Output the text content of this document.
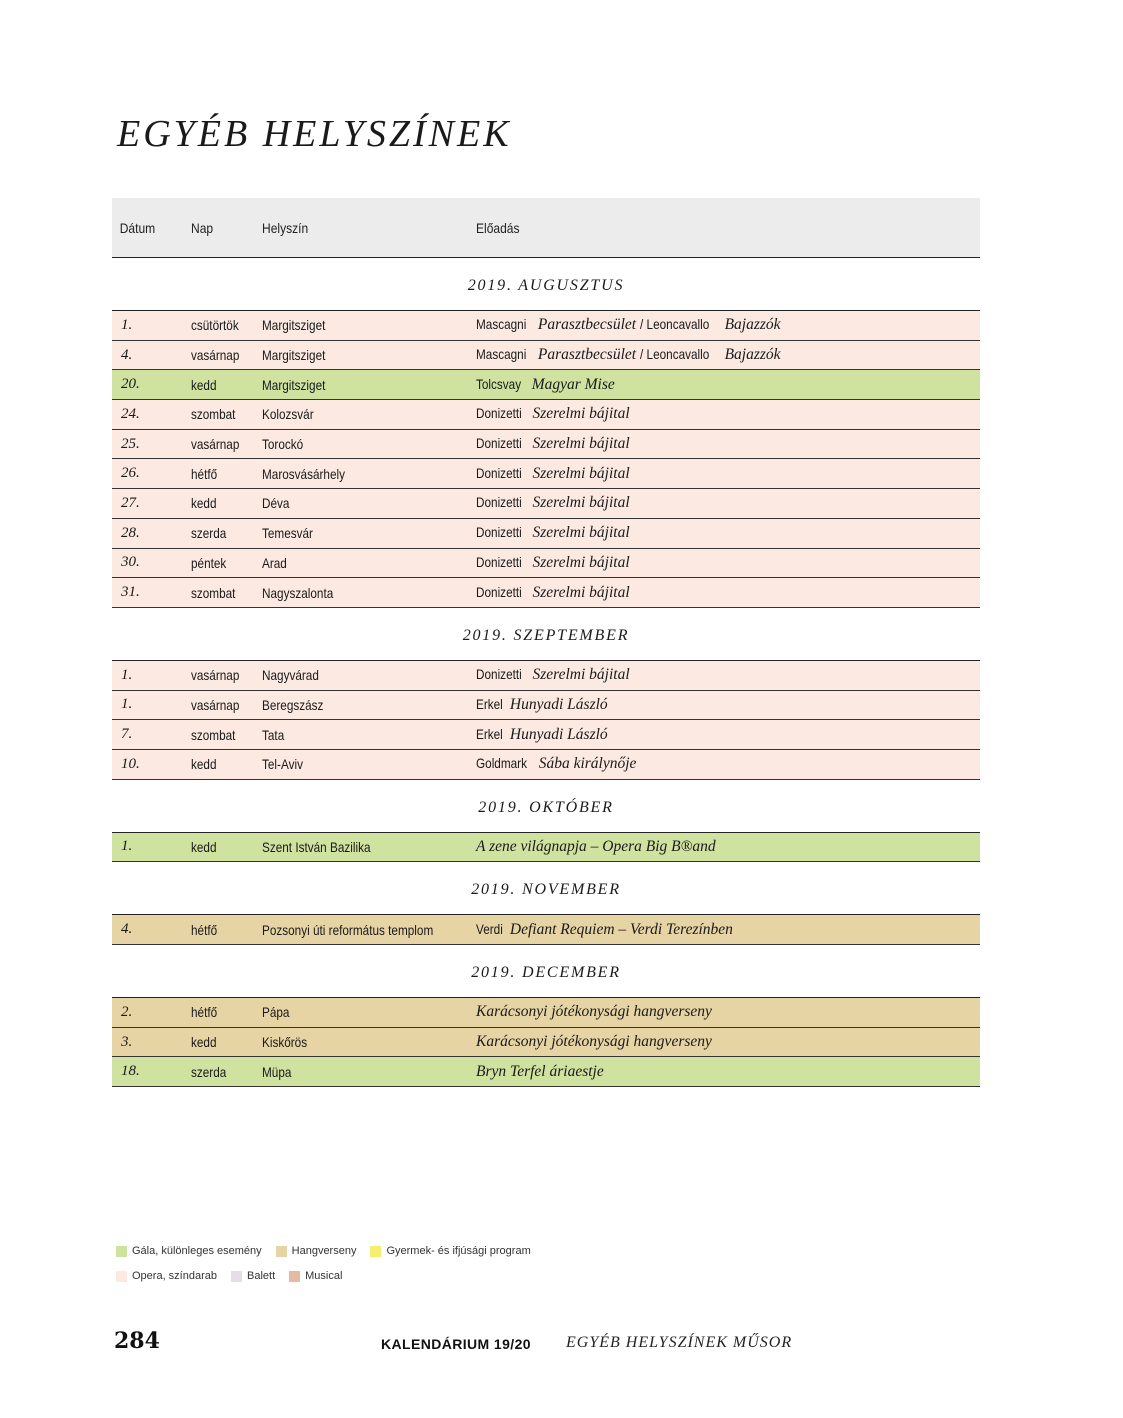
EGYÉB HELYSZÍNEK
Dátum	Nap	Helyszín	Előadás
2019. AUGUSZTUS
1.	csütörtök	Margitsziget	Mascagni Parasztbecsület / Leoncavallo Bajazzók
4.	vasárnap	Margitsziget	Mascagni Parasztbecsület / Leoncavallo Bajazzók
20.	kedd	Margitsziget	Tolcsvay Magyar Mise
24.	szombat	Kolozsvár	Donizetti Szerelmi bájital
25.	vasárnap	Torockó	Donizetti Szerelmi bájital
26.	hétfő	Marosvásárhely	Donizetti Szerelmi bájital
27.	kedd	Déva	Donizetti Szerelmi bájital
28.	szerda	Temesvár	Donizetti Szerelmi bájital
30.	péntek	Arad	Donizetti Szerelmi bájital
31.	szombat	Nagyszalonta	Donizetti Szerelmi bájital
2019. SZEPTEMBER
1.	vasárnap	Nagyvárad	Donizetti Szerelmi bájital
1.	vasárnap	Beregszász	Erkel Hunyadi László
7.	szombat	Tata	Erkel Hunyadi László
10.	kedd	Tel-Aviv	Goldmark Sába királynője
2019. OKTÓBER
1.	kedd	Szent István Bazilika	A zene világnapja – Opera Big B®and
2019. NOVEMBER
4.	hétfő	Pozsonyi úti református templom	Verdi Defiant Requiem – Verdi Terezínben
2019. DECEMBER
2.	hétfő	Pápa	Karácsonyi jótékonysági hangverseny
3.	kedd	Kiskőrös	Karácsonyi jótékonysági hangverseny
18.	szerda	Müpa	Bryn Terfel áriaestje
Gála, különleges esemény	Hangverseny	Gyermek- és ifjúsági program
Opera, színdarab	Balett	Musical
284	KALENDÁRIUM 19/20 EGYÉB HELYSZÍNEK MŰSOR
